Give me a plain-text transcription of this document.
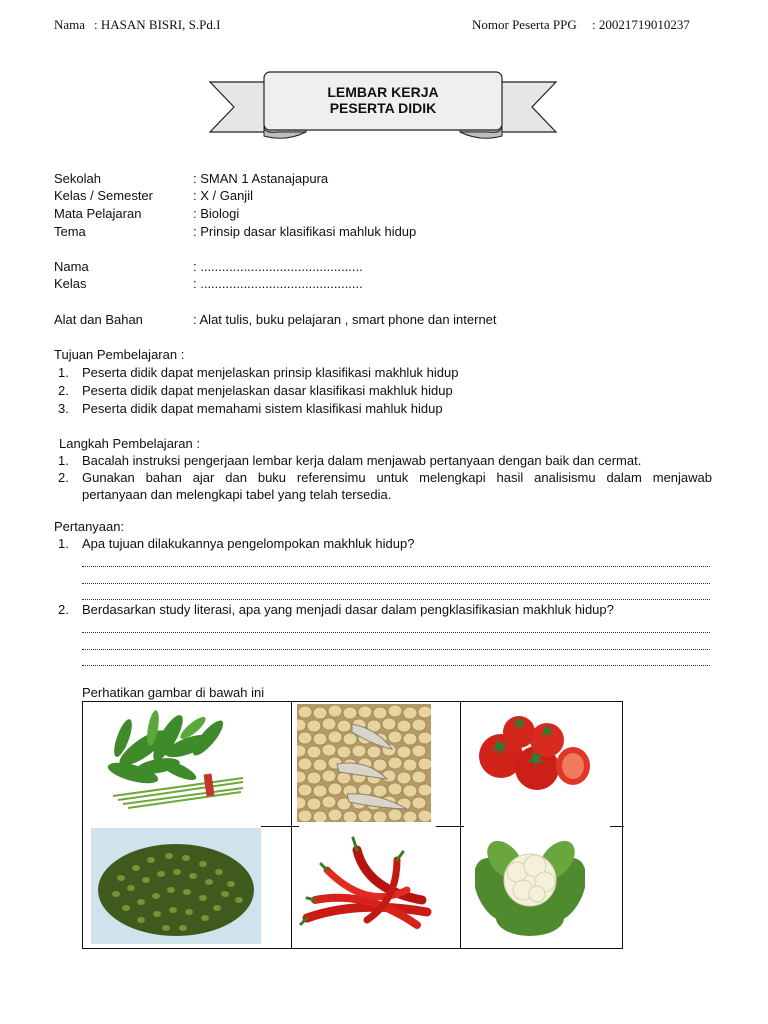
Nama : HASAN BISRI, S.Pd.I	Nomor Peserta PPG : 20021719010237
LEMBAR KERJA
PESERTA DIDIK
Sekolah	: SMAN 1 Astanajapura
Kelas / Semester	: X / Ganjil
Mata Pelajaran	: Biologi
Tema	: Prinsip dasar klasifikasi mahluk hidup
Nama	: .............................................
Kelas	: .............................................
Alat dan Bahan	: Alat tulis, buku pelajaran , smart phone dan internet
Tujuan Pembelajaran :
1. Peserta didik dapat menjelaskan prinsip klasifikasi makhluk hidup
2. Peserta didik dapat menjelaskan dasar klasifikasi makhluk hidup
3. Peserta didik dapat memahami sistem klasifikasi mahluk hidup
Langkah Pembelajaran :
1. Bacalah instruksi pengerjaan lembar kerja dalam menjawab pertanyaan dengan baik dan cermat.
2. Gunakan bahan ajar dan buku referensimu untuk melengkapi hasil analisismu dalam menjawab
pertanyaan dan melengkapi tabel yang telah tersedia.
Pertanyaan:
1. Apa tujuan dilakukannya pengelompokan makhluk hidup?
2. Berdasarkan study literasi, apa yang menjadi dasar dalam pengklasifikasian makhluk hidup?
Perhatikan gambar di bawah ini
